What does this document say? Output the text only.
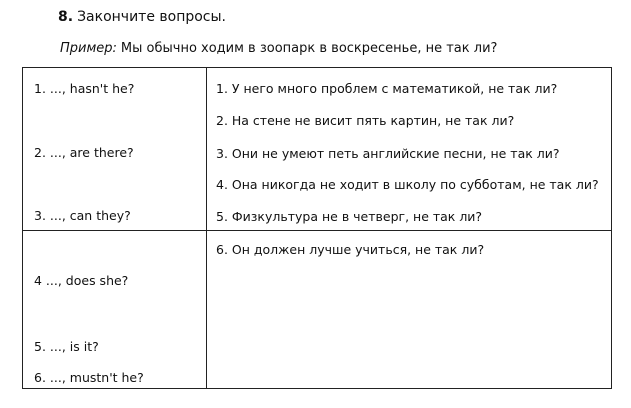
8. Закончите вопросы.
Пример: Мы обычно ходим в зоопарк в воскресенье, не так ли?
1. ..., hasn't he?
2. ..., are there?
3. ..., can they?
4 ..., does she?
5. ..., is it?
6. ..., mustn't he?
1. У него много проблем с математикой, не так ли?
2. На стене не висит пять картин, не так ли?
3. Они не умеют петь английские песни, не так ли?
4. Она никогда не ходит в школу по субботам, не так ли?
5. Физкультура не в четверг, не так ли?
6. Он должен лучше учиться, не так ли?
